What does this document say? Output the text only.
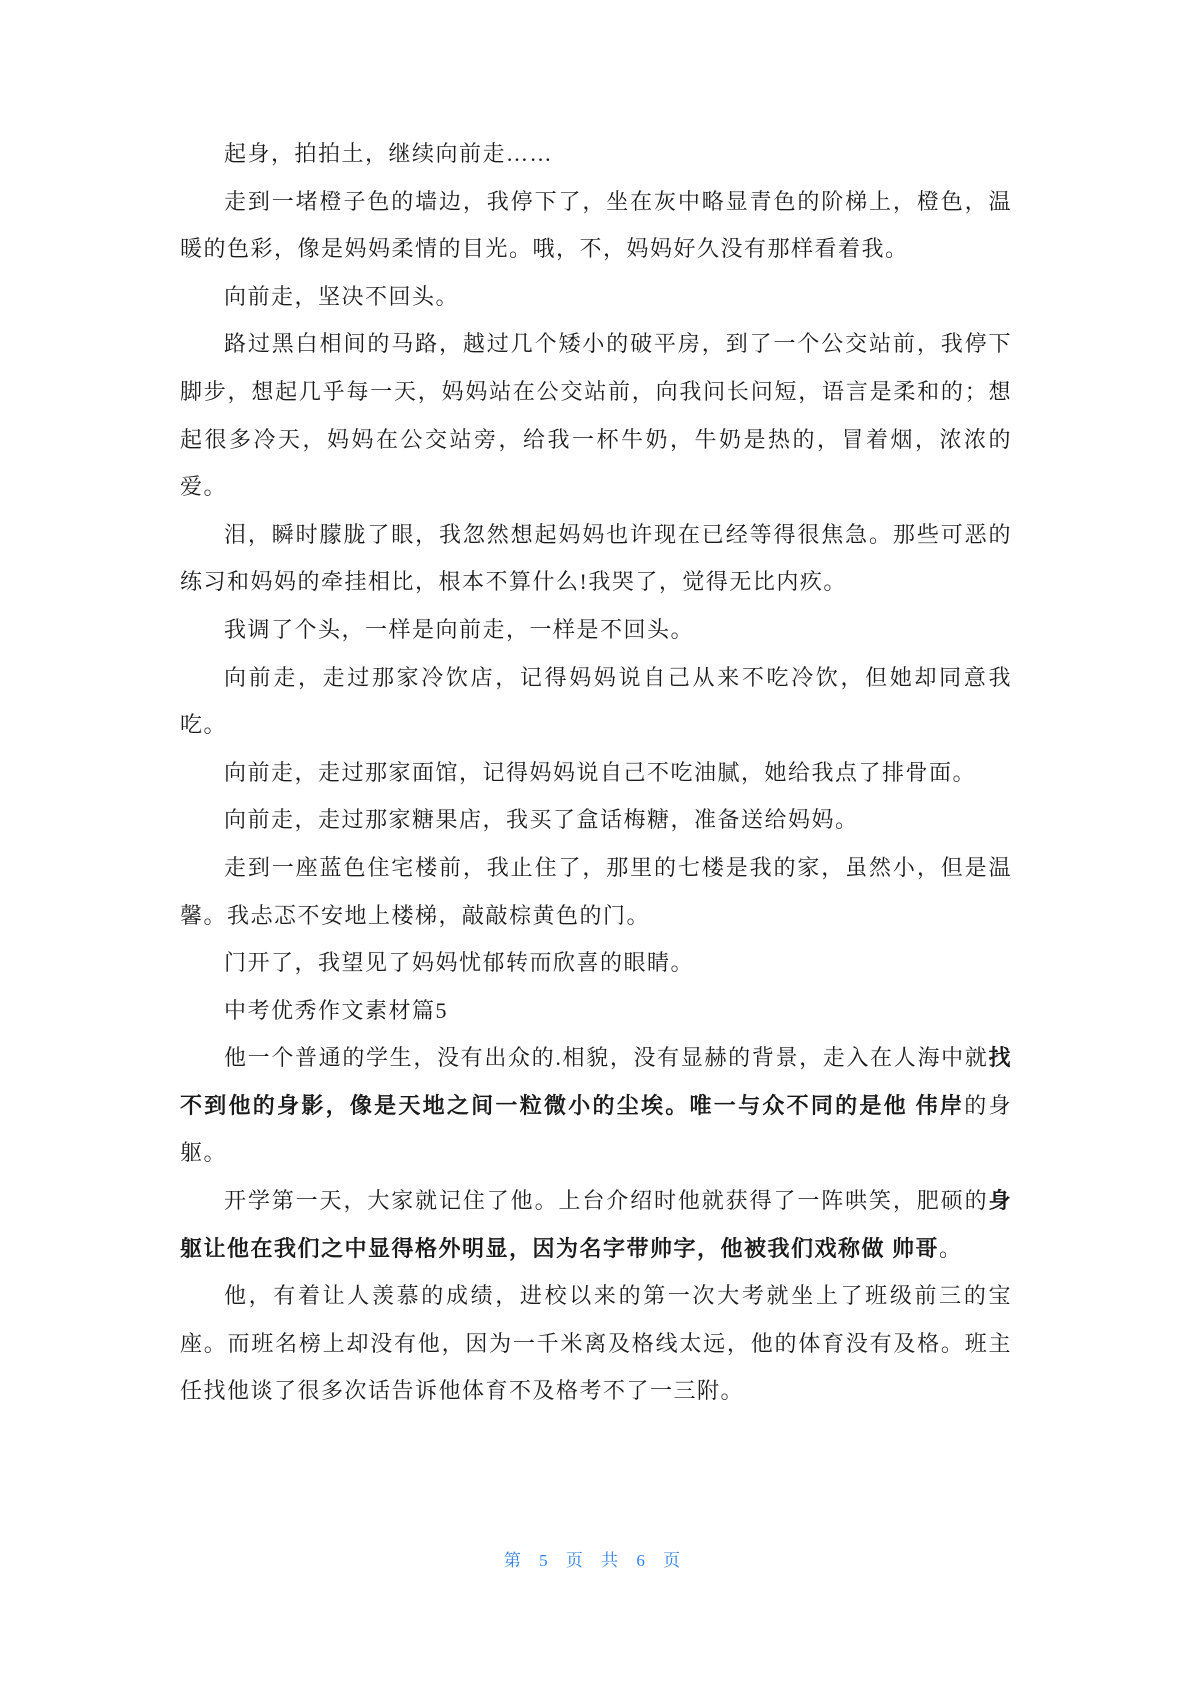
起身，拍拍土，继续向前走……

走到一堵橙子色的墙边，我停下了，坐在灰中略显青色的阶梯上，橙色，温暖的色彩，像是妈妈柔情的目光。哦，不，妈妈好久没有那样看着我。

向前走，坚决不回头。

路过黑白相间的马路，越过几个矮小的破平房，到了一个公交站前，我停下脚步，想起几乎每一天，妈妈站在公交站前，向我问长问短，语言是柔和的；想起很多冷天，妈妈在公交站旁，给我一杯牛奶，牛奶是热的，冒着烟，浓浓的爱。

泪，瞬时朦胧了眼，我忽然想起妈妈也许现在已经等得很焦急。那些可恶的练习和妈妈的牵挂相比，根本不算什么!我哭了，觉得无比内疚。

我调了个头，一样是向前走，一样是不回头。

向前走，走过那家冷饮店，记得妈妈说自己从来不吃冷饮，但她却同意我吃。

向前走，走过那家面馆，记得妈妈说自己不吃油腻，她给我点了排骨面。

向前走，走过那家糖果店，我买了盒话梅糖，准备送给妈妈。

走到一座蓝色住宅楼前，我止住了，那里的七楼是我的家，虽然小，但是温馨。我忐忑不安地上楼梯，敲敲棕黄色的门。

门开了，我望见了妈妈忧郁转而欣喜的眼睛。

中考优秀作文素材篇5

他一个普通的学生，没有出众的.相貌，没有显赫的背景，走入在人海中就找不到他的身影，像是天地之间一粒微小的尘埃。唯一与众不同的是他 伟岸的身躯。

开学第一天，大家就记住了他。上台介绍时他就获得了一阵哄笑，肥硕的身躯让他在我们之中显得格外明显，因为名字带帅字，他被我们戏称做 帅哥。

他，有着让人羡慕的成绩，进校以来的第一次大考就坐上了班级前三的宝座。而班名榜上却没有他，因为一千米离及格线太远，他的体育没有及格。班主任找他谈了很多次话告诉他体育不及格考不了一三附。

第 5 页 共 6 页
